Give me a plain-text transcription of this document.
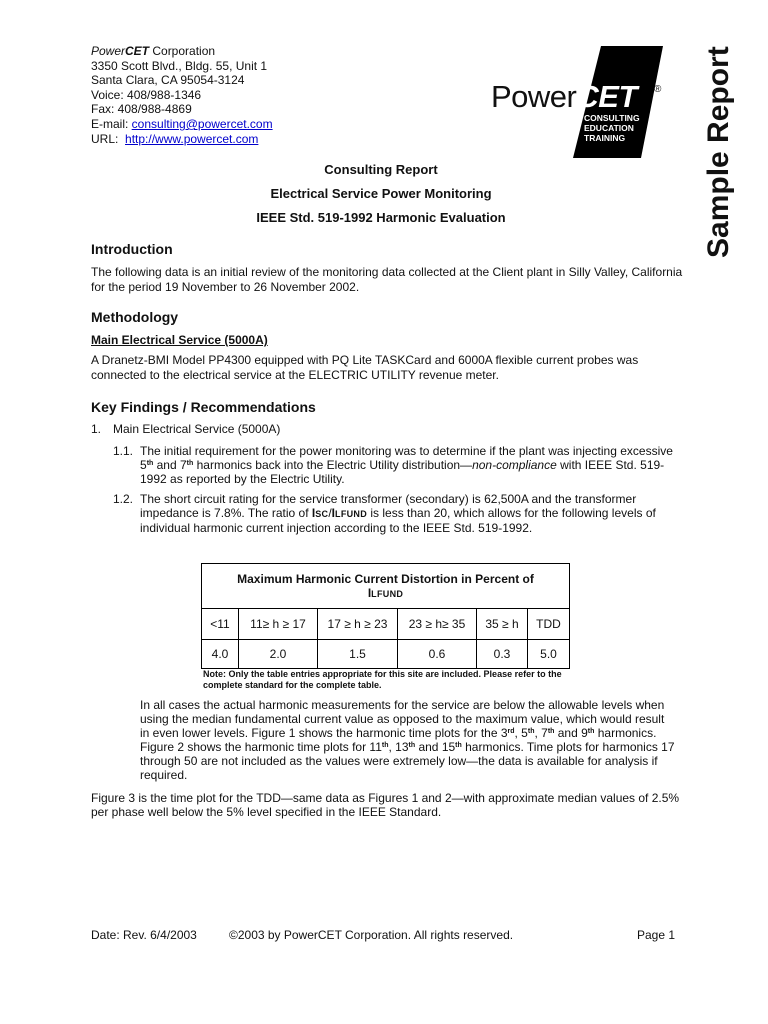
PowerCET Corporation
3350 Scott Blvd., Bldg. 55, Unit 1
Santa Clara, CA 95054-3124
Voice: 408/988-1346
Fax: 408/988-4869
E-mail: consulting@powercet.com
URL:  http://www.powercet.com
PowerCET ®
CONSULTING
EDUCATION
TRAINING	Sample Report
Consulting Report
Electrical Service Power Monitoring
IEEE Std. 519-1992 Harmonic Evaluation
Introduction
The following data is an initial review of the monitoring data collected at the Client plant in Silly Valley, California for the period 19 November to 26 November 2002.
Methodology
Main Electrical Service (5000A)
A Dranetz-BMI Model PP4300 equipped with PQ Lite TASKCard and 6000A flexible current probes was connected to the electrical service at the ELECTRIC UTILITY revenue meter.
Key Findings / Recommendations
1. Main Electrical Service (5000A)
1.1. The initial requirement for the power monitoring was to determine if the plant was injecting excessive 5th and 7th harmonics back into the Electric Utility distribution—non-compliance with IEEE Std. 519-1992 as reported by the Electric Utility.
1.2. The short circuit rating for the service transformer (secondary) is 62,500A and the transformer impedance is 7.8%. The ratio of ISC/ILFUND is less than 20, which allows for the following levels of individual harmonic current injection according to the IEEE Std. 519-1992.
Maximum Harmonic Current Distortion in Percent of
ILFUND					

<11	11≥ h ≥ 17	17 ≥ h ≥ 23	23 ≥ h≥ 35	35 ≥ h	TDD
4.0	2.0	1.5	0.6	0.3	5.0
Note: Only the table entries appropriate for this site are included. Please refer to the complete standard for the complete table.
In all cases the actual harmonic measurements for the service are below the allowable levels when using the median fundamental current value as opposed to the maximum value, which would result in even lower levels. Figure 1 shows the harmonic time plots for the 3rd, 5th, 7th and 9th harmonics. Figure 2 shows the harmonic time plots for 11th, 13th and 15th harmonics. Time plots for harmonics 17 through 50 are not included as the values were extremely low—the data is available for analysis if required.
Figure 3 is the time plot for the TDD—same data as Figures 1 and 2—with approximate median values of 2.5% per phase well below the 5% level specified in the IEEE Standard.
Date: Rev. 6/4/2003	©2003 by PowerCET Corporation. All rights reserved.	Page 1
